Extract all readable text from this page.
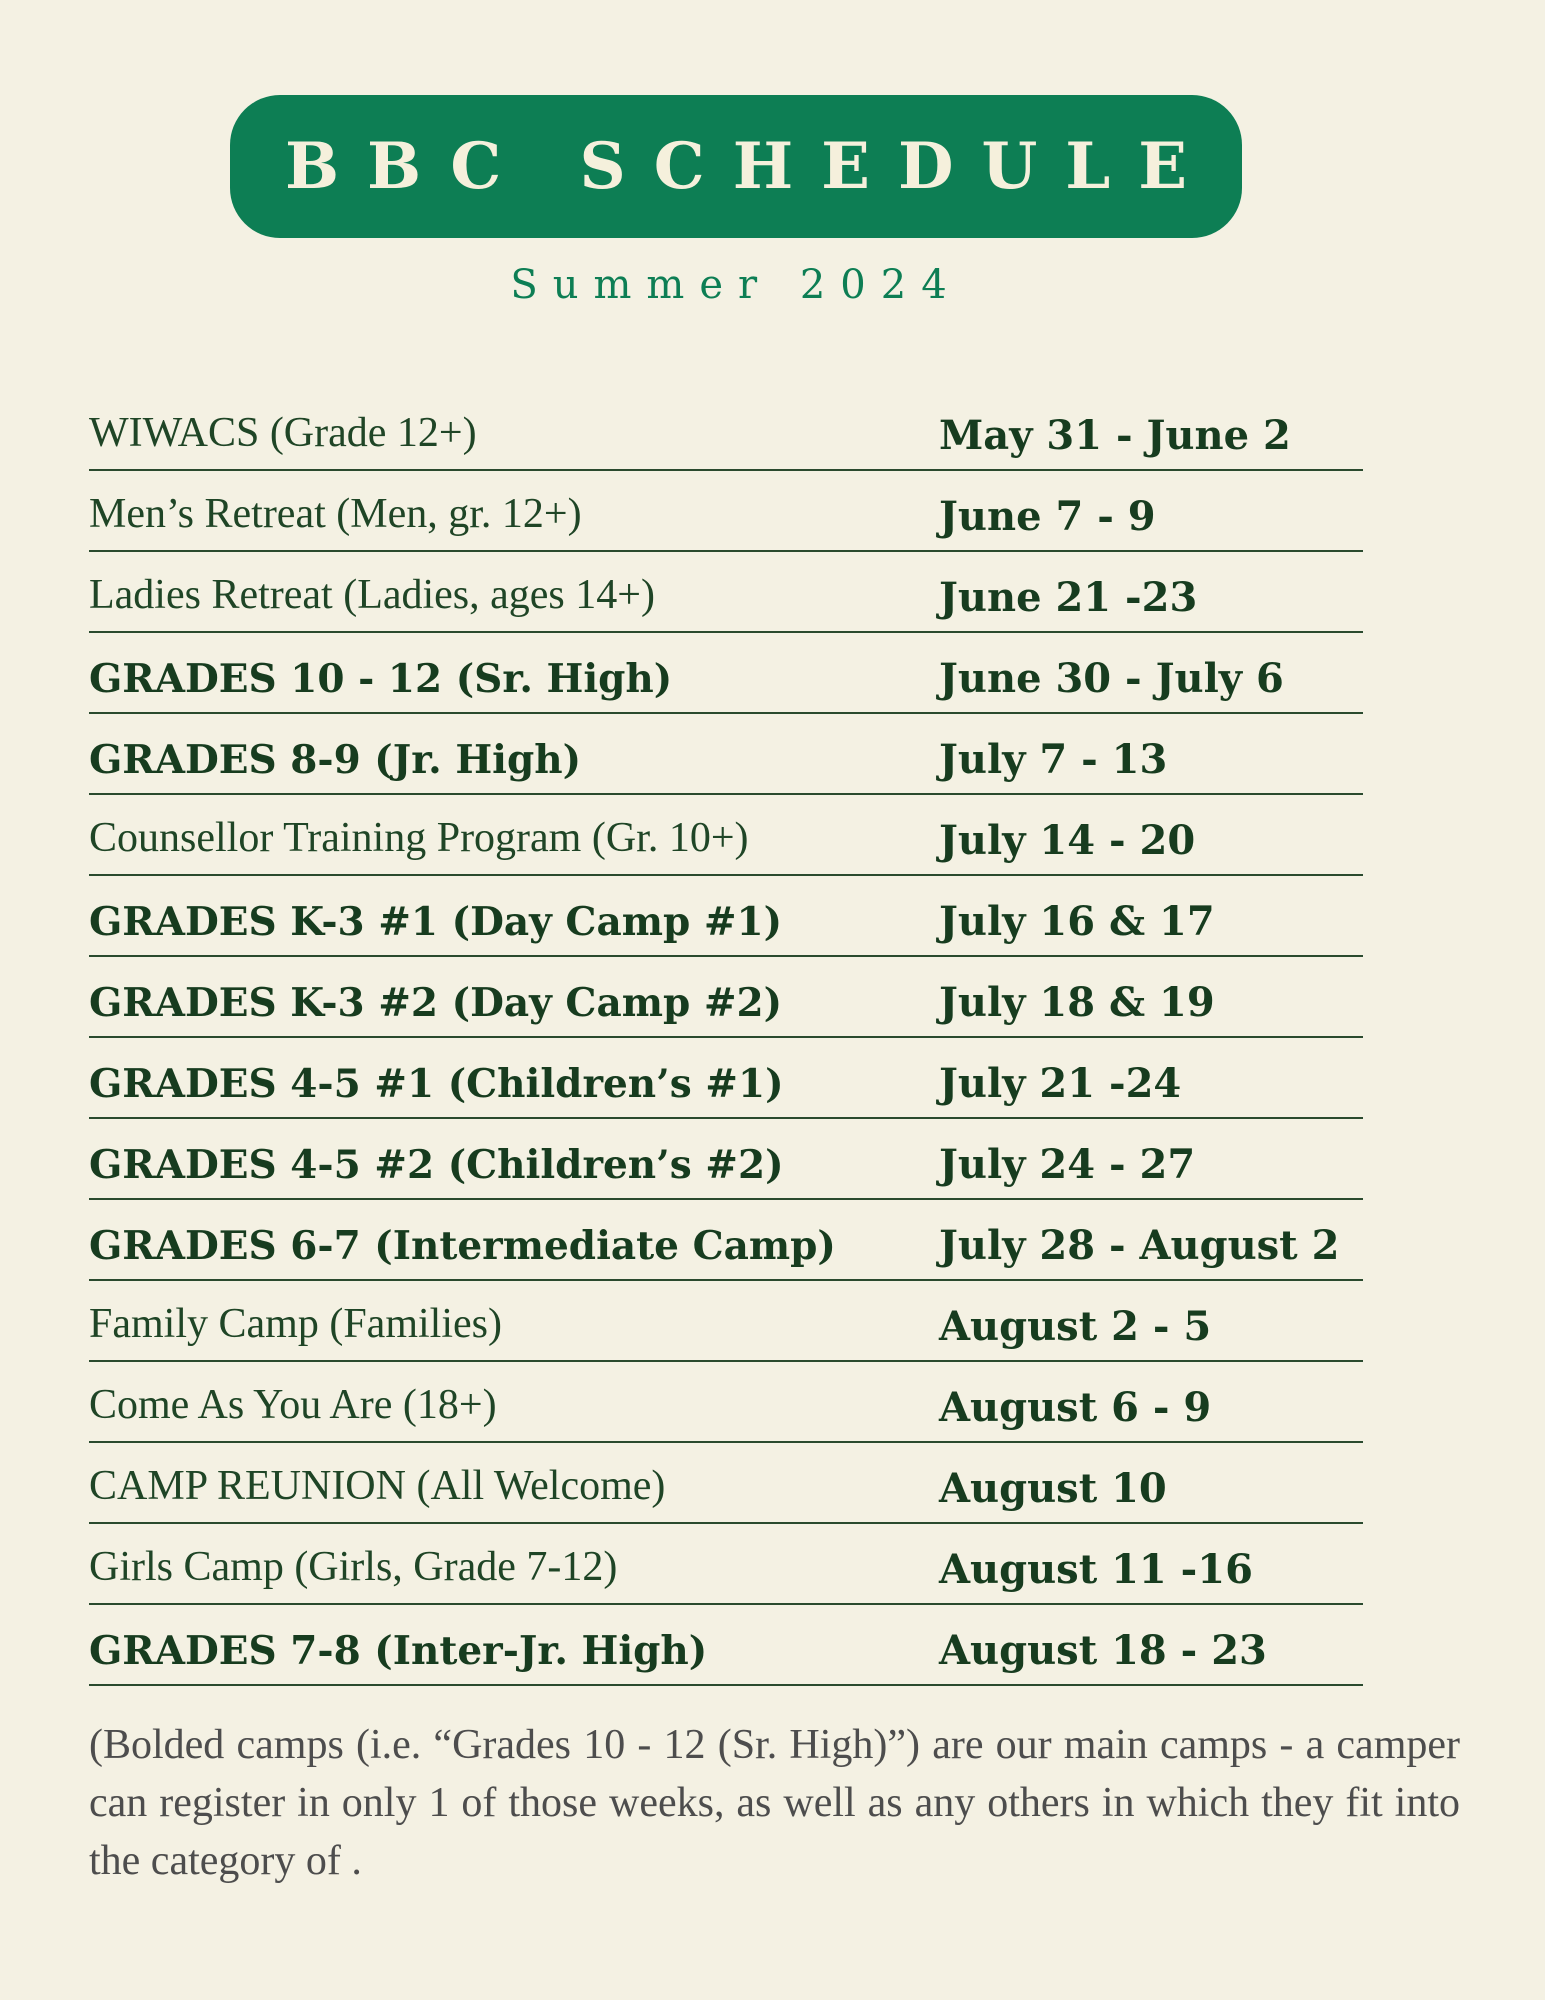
BBC SCHEDULE
Summer 2024
WIWACS (Grade 12+)	May 31 - June 2
Men’s Retreat (Men, gr. 12+)	June 7 - 9
Ladies Retreat (Ladies, ages 14+)	June 21 -23
GRADES 10 - 12 (Sr. High)	June 30 - July 6
GRADES 8-9 (Jr. High)	July 7 - 13
Counsellor Training Program (Gr. 10+)	July 14 - 20
GRADES K-3 #1 (Day Camp #1)	July 16 & 17
GRADES K-3 #2 (Day Camp #2)	July 18 & 19
GRADES 4-5 #1 (Children’s #1)	July 21 -24
GRADES 4-5 #2 (Children’s #2)	July 24 - 27
GRADES 6-7 (Intermediate Camp)	July 28 - August 2
Family Camp (Families)	August 2 - 5
Come As You Are (18+)	August 6 - 9
CAMP REUNION (All Welcome)	August 10
Girls Camp (Girls, Grade 7-12)	August 11 -16
GRADES 7-8 (Inter-Jr. High)	August 18 - 23
(Bolded camps (i.e. “Grades 10 - 12 (Sr. High)”) are our main camps - a camper can register in only 1 of those weeks, as well as any others in which they fit into the category of .
